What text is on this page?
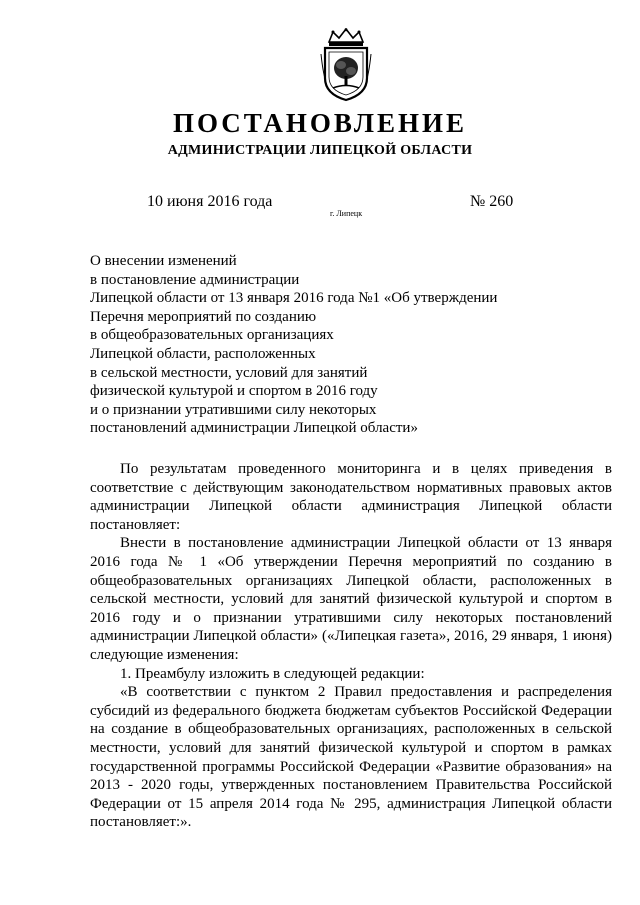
ПОСТАНОВЛЕНИЕ
АДМИНИСТРАЦИИ ЛИПЕЦКОЙ ОБЛАСТИ
10 июня 2016 года
г. Липецк
№ 260
О внесении изменений
в постановление администрации
Липецкой области от 13 января 2016 года №1 «Об утверждении
Перечня мероприятий по созданию
в общеобразовательных организациях
Липецкой области, расположенных
в сельской местности, условий для занятий
физической культурой и спортом в 2016 году
и о признании утратившими силу некоторых
постановлений администрации Липецкой области»

По результатам проведенного мониторинга и в целях приведения в соответствие с действующим законодательством нормативных правовых актов администрации Липецкой области администрация Липецкой области постановляет:

Внести в постановление администрации Липецкой области от 13 января 2016 года № 1 «Об утверждении Перечня мероприятий по созданию в общеобразовательных организациях Липецкой области, расположенных в сельской местности, условий для занятий физической культурой и спортом в 2016 году и о признании утратившими силу некоторых постановлений администрации Липецкой области» («Липецкая газета», 2016, 29 января, 1 июня) следующие изменения:

1. Преамбулу изложить в следующей редакции:

«В соответствии с пунктом 2 Правил предоставления и распределения субсидий из федерального бюджета бюджетам субъектов Российской Федерации на создание в общеобразовательных организациях, расположенных в сельской местности, условий для занятий физической культурой и спортом в рамках государственной программы Российской Федерации «Развитие образования» на 2013 - 2020 годы, утвержденных постановлением Правительства Российской Федерации от 15 апреля 2014 года № 295, администрация Липецкой области постановляет:».
